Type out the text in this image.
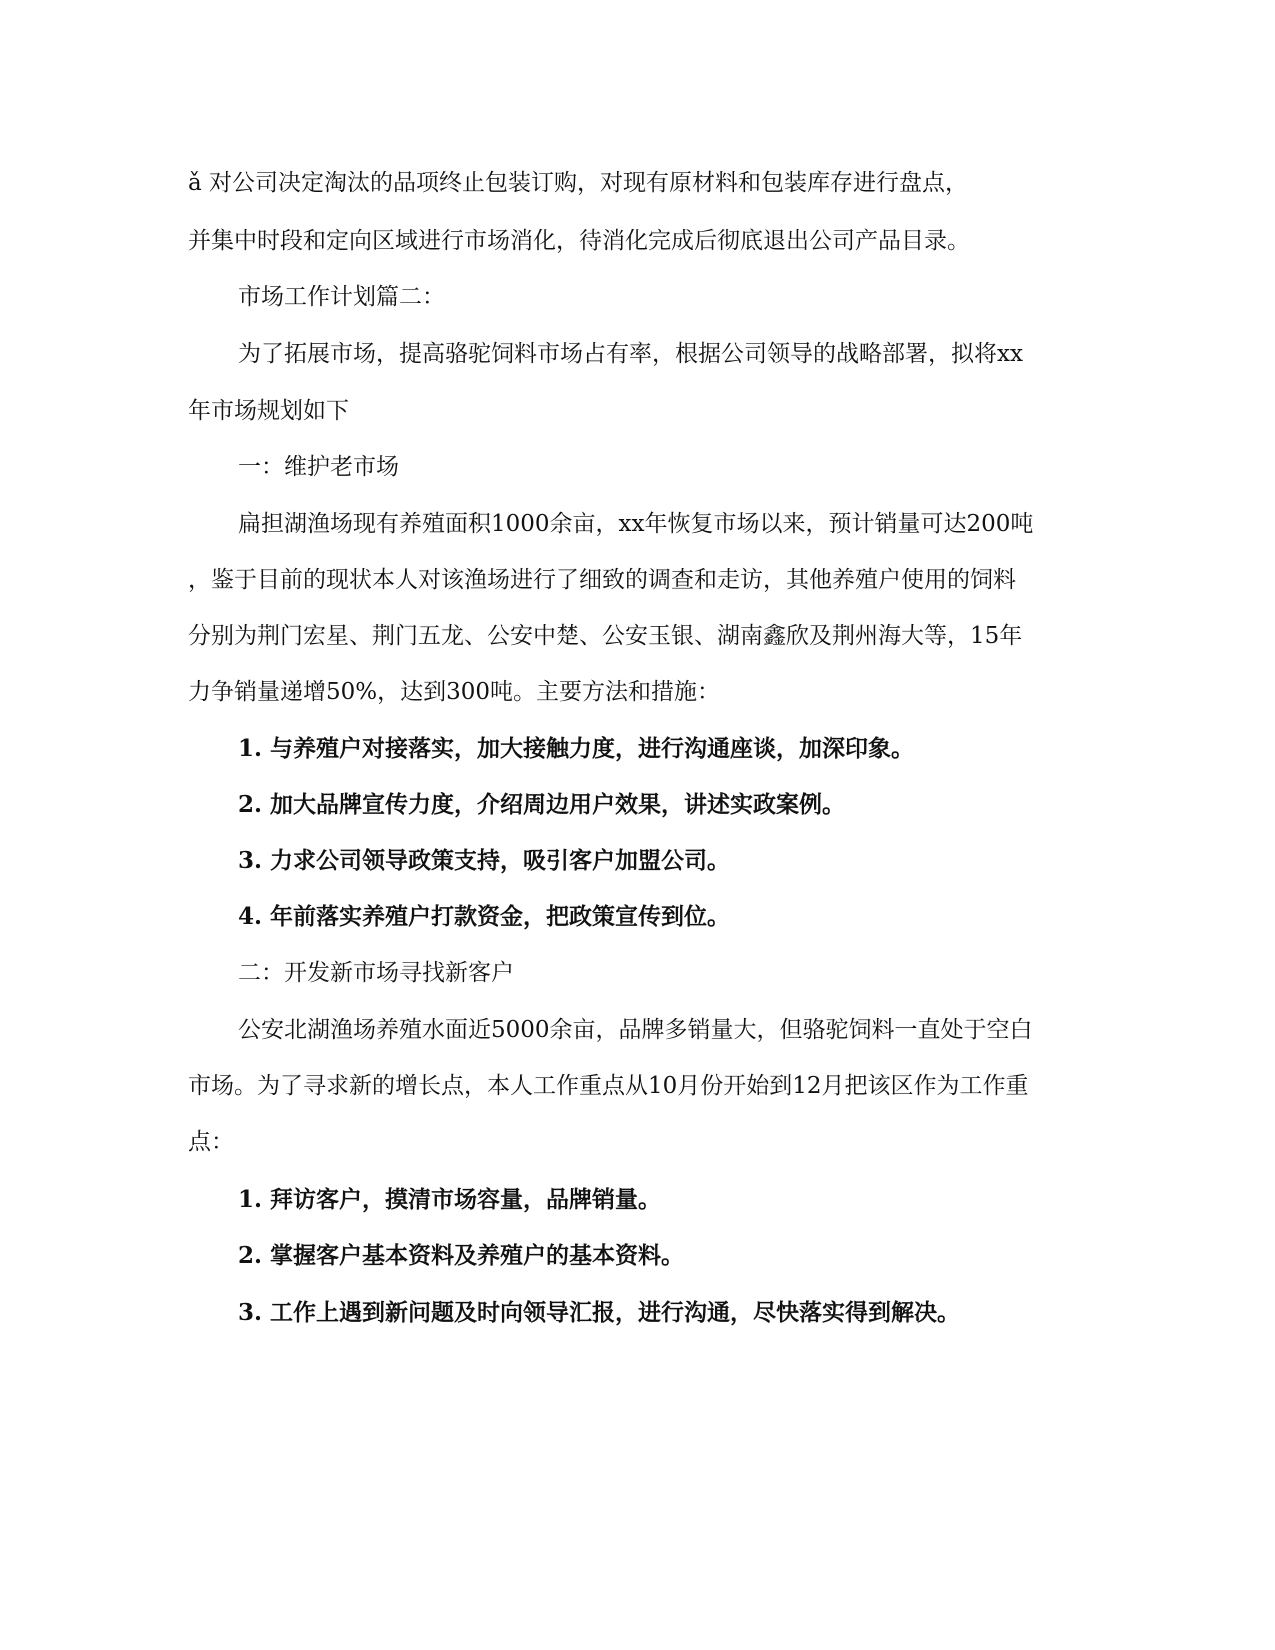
ǎ 对公司决定淘汰的品项终止包装订购，对现有原材料和包装库存进行盘点，
并集中时段和定向区域进行市场消化，待消化完成后彻底退出公司产品目录。
市场工作计划篇二：
为了拓展市场，提高骆驼饲料市场占有率，根据公司领导的战略部署，拟将xx
年市场规划如下
一：维护老市场
扁担湖渔场现有养殖面积1000余亩，xx年恢复市场以来，预计销量可达200吨
，鉴于目前的现状本人对该渔场进行了细致的调查和走访，其他养殖户使用的饲料
分别为荆门宏星、荆门五龙、公安中楚、公安玉银、湖南鑫欣及荆州海大等，15年
力争销量递增50%，达到300吨。主要方法和措施：
1. 与养殖户对接落实，加大接触力度，进行沟通座谈，加深印象。
2. 加大品牌宣传力度，介绍周边用户效果，讲述实政案例。
3. 力求公司领导政策支持，吸引客户加盟公司。
4. 年前落实养殖户打款资金，把政策宣传到位。
二：开发新市场寻找新客户
公安北湖渔场养殖水面近5000余亩，品牌多销量大，但骆驼饲料一直处于空白
市场。为了寻求新的增长点，本人工作重点从10月份开始到12月把该区作为工作重
点：
1. 拜访客户，摸清市场容量，品牌销量。
2. 掌握客户基本资料及养殖户的基本资料。
3. 工作上遇到新问题及时向领导汇报，进行沟通，尽快落实得到解决。
